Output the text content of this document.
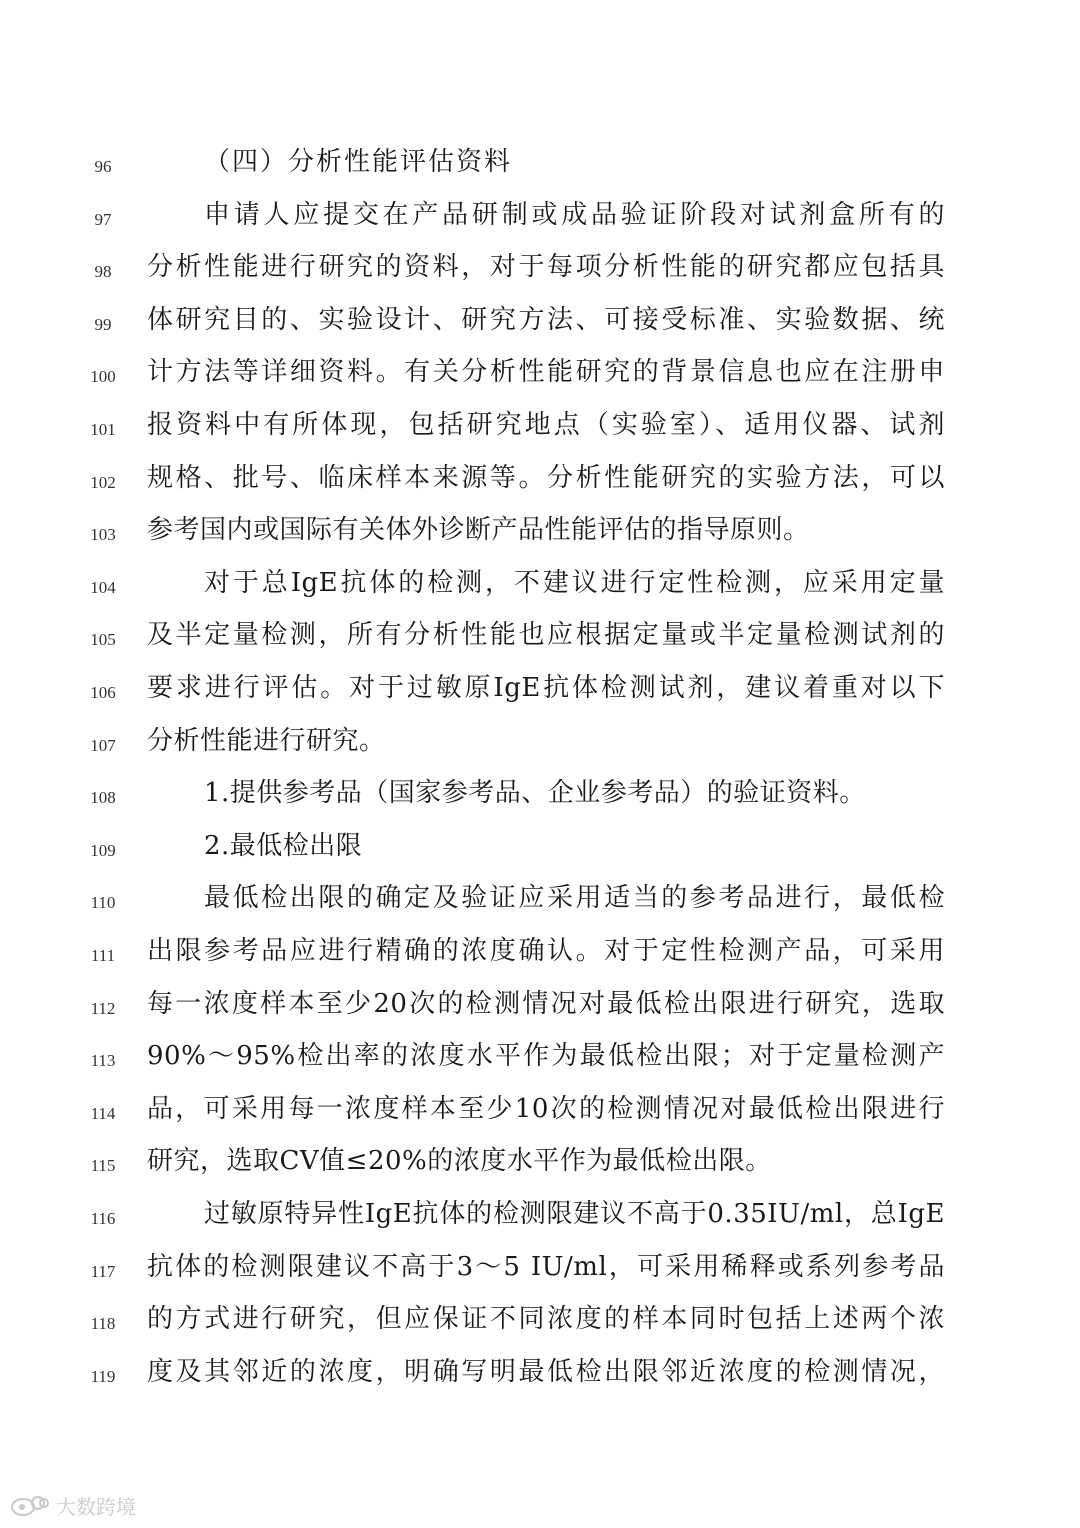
96	（四）分析性能评估资料
97	申请人应提交在产品研制或成品验证阶段对试剂盒所有的
98	分析性能进行研究的资料，对于每项分析性能的研究都应包括具
99	体研究目的、实验设计、研究方法、可接受标准、实验数据、统
100	计方法等详细资料。有关分析性能研究的背景信息也应在注册申
101	报资料中有所体现，包括研究地点（实验室）、适用仪器、试剂
102	规格、批号、临床样本来源等。分析性能研究的实验方法，可以
103	参考国内或国际有关体外诊断产品性能评估的指导原则。
104	对于总IgE抗体的检测，不建议进行定性检测，应采用定量
105	及半定量检测，所有分析性能也应根据定量或半定量检测试剂的
106	要求进行评估。对于过敏原IgE抗体检测试剂，建议着重对以下
107	分析性能进行研究。
108	1.提供参考品（国家参考品、企业参考品）的验证资料。
109	2.最低检出限
110	最低检出限的确定及验证应采用适当的参考品进行，最低检
111	出限参考品应进行精确的浓度确认。对于定性检测产品，可采用
112	每一浓度样本至少20次的检测情况对最低检出限进行研究，选取
113	90%～95%检出率的浓度水平作为最低检出限；对于定量检测产
114	品，可采用每一浓度样本至少10次的检测情况对最低检出限进行
115	研究，选取CV值≤20%的浓度水平作为最低检出限。
116	过敏原特异性IgE抗体的检测限建议不高于0.35IU/ml，总IgE
117	抗体的检测限建议不高于3～5 IU/ml，可采用稀释或系列参考品
118	的方式进行研究，但应保证不同浓度的样本同时包括上述两个浓
119	度及其邻近的浓度，明确写明最低检出限邻近浓度的检测情况，
大数跨境
